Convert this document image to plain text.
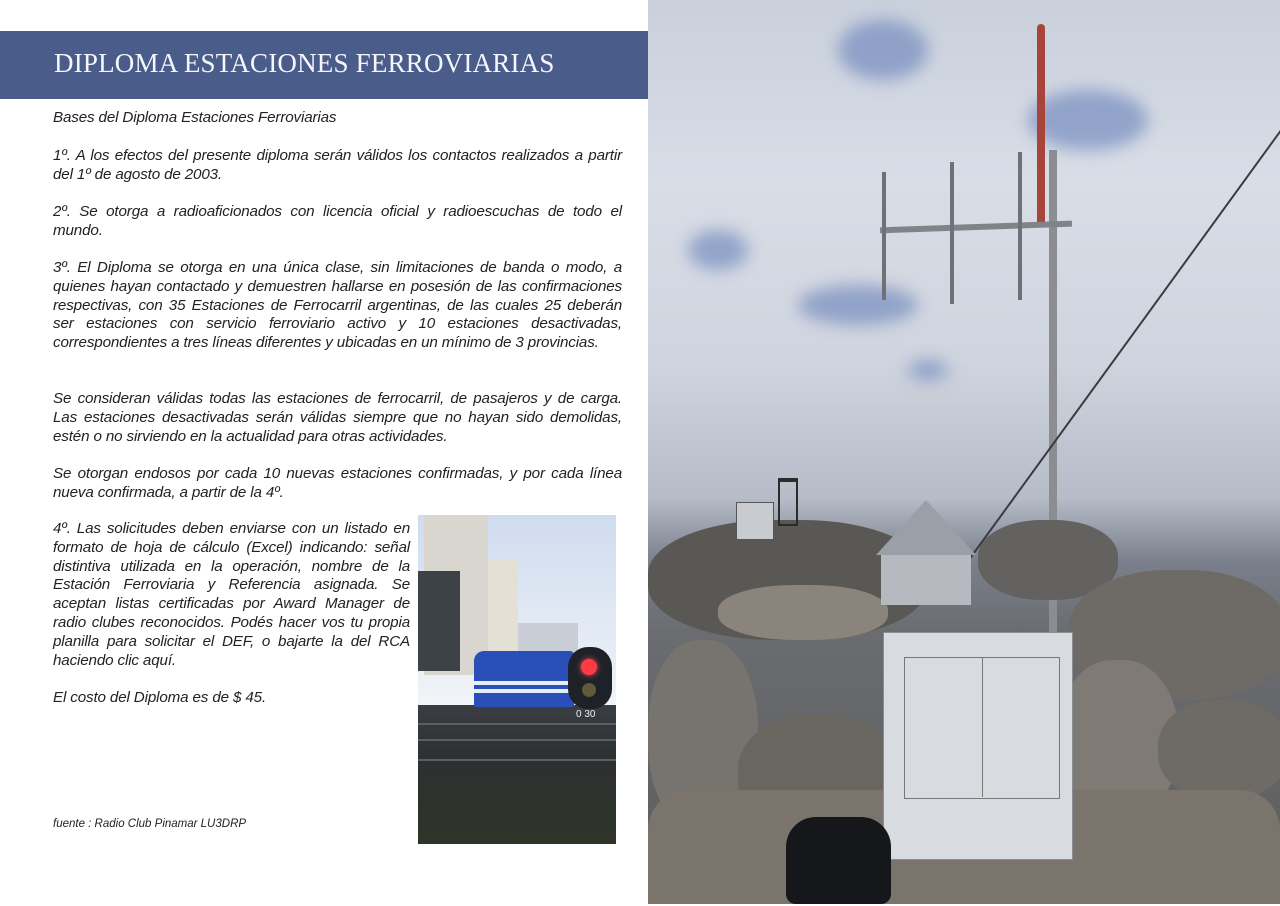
DIPLOMA ESTACIONES FERROVIARIAS
Bases del Diploma Estaciones Ferroviarias
1º. A los efectos del presente diploma serán válidos los contactos realizados a partir del 1º de agosto de 2003.
2º. Se otorga a radioaficionados con licencia oficial y radioescuchas de todo el mundo.
3º. El Diploma se otorga en una única clase, sin limitaciones de banda o modo, a quienes hayan contactado y demuestren hallarse en posesión de las confirmaciones respectivas, con 35 Estaciones de Ferrocarril argentinas, de las cuales 25 deberán ser estaciones con servicio ferroviario activo y 10 estaciones desactivadas, correspondientes a tres líneas diferentes y ubicadas en un mínimo de 3 provincias.
Se consideran válidas todas las estaciones de ferrocarril, de pasajeros y de carga. Las estaciones desactivadas serán válidas siempre que no hayan sido demolidas, estén o no sirviendo en la actualidad para otras actividades.
Se otorgan endosos por cada 10 nuevas estaciones confirmadas, y por cada línea nueva confirmada, a partir de la 4º.
4º. Las solicitudes deben enviarse con un listado en formato de hoja de cálculo (Excel) indicando: señal distintiva utilizada en la operación, nombre de la Estación Ferroviaria y Referencia asignada. Se aceptan listas certificadas por Award Manager de radio clubes reconocidos. Podés hacer vos tu propia planilla para solicitar el DEF, o bajarte la del RCA haciendo clic aquí.
El costo del Diploma es de $ 45.
fuente : Radio Club Pinamar LU3DRP
0 30
